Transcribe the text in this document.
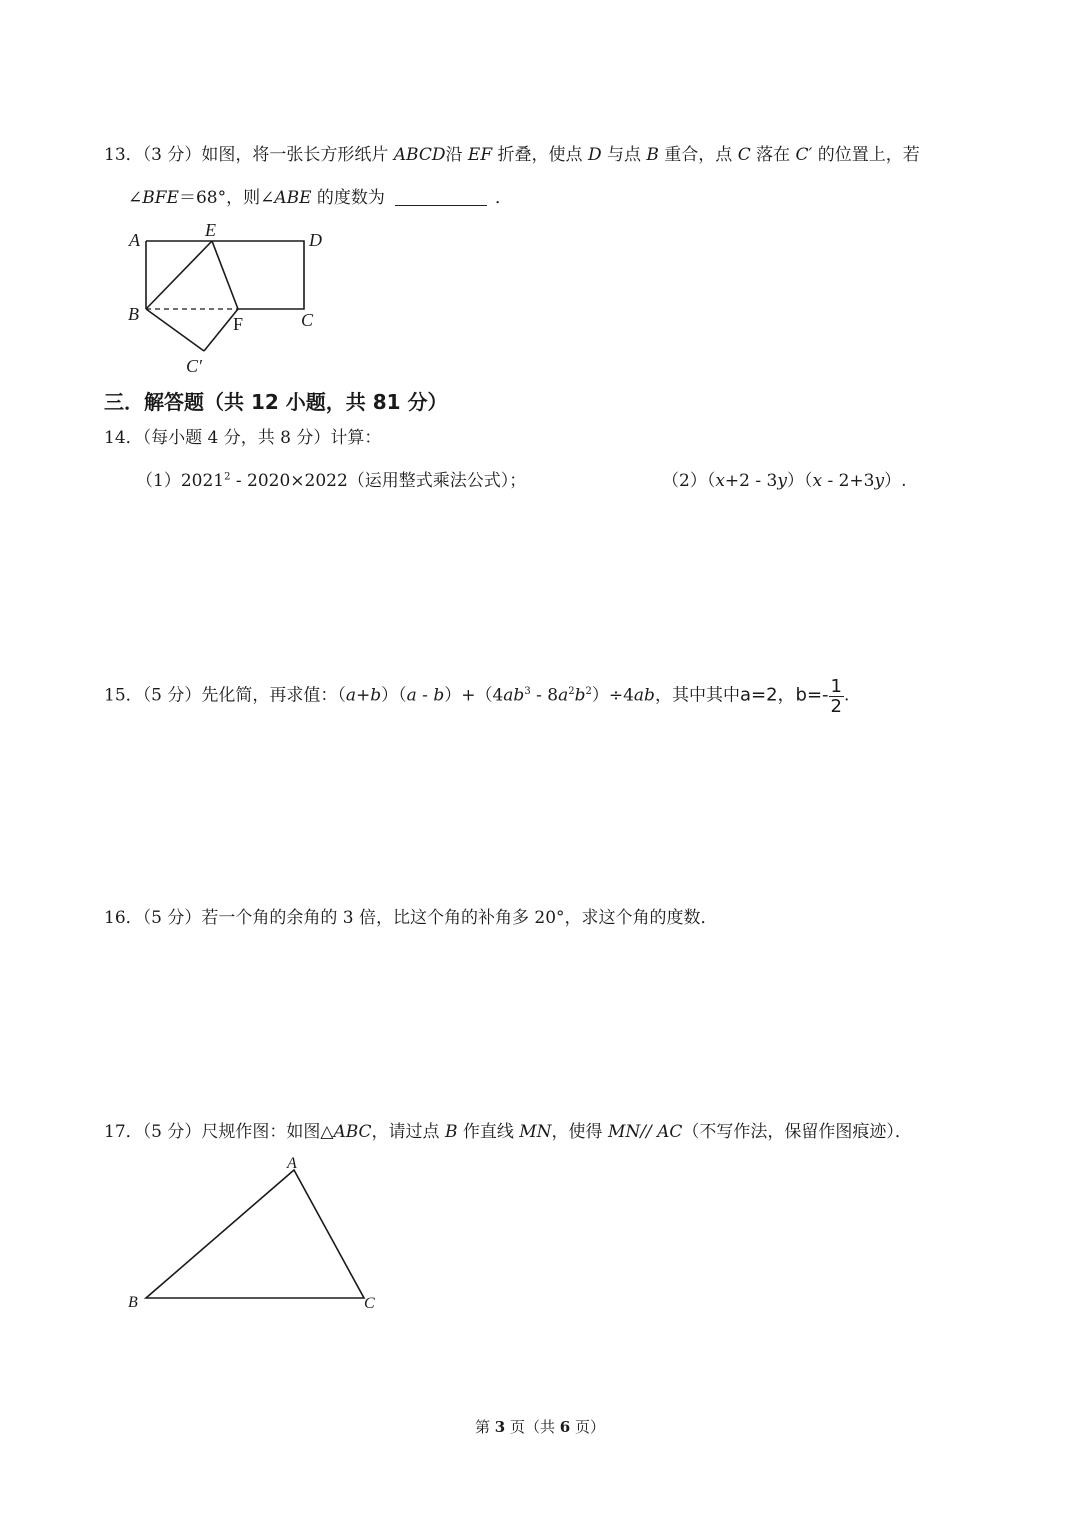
13．（3 分）如图，将一张长方形纸片 ABCD沿 EF 折叠，使点 D 与点 B 重合，点 C 落在 C′ 的位置上，若
∠BFE＝68°，则∠ABE 的度数为	．
A	E	D
B	F	C
C′
三．解答题（共 12 小题，共 81 分）
14．（每小题 4 分，共 8 分）计算：
（1）2021$^2$ - 2020×2022（运用整式乘法公式）；	（2）（x+2 - 3y）（x - 2+3y）.
15．（5 分）先化简，再求值：$(a+b)(a - b)+(4ab^3 - 8a^2b^2)\div 4ab$，其中其中a=2，$b=- \frac{1}{2}$ .
16．（5 分）若一个角的余角的 3 倍，比这个角的补角多 20°，求这个角的度数．
17．（5 分）尺规作图：如图△ABC，请过点 B 作直线 MN，使得 MN// AC（不写作法，保留作图痕迹）．
A
B	C
第 3 页（共 6 页）
